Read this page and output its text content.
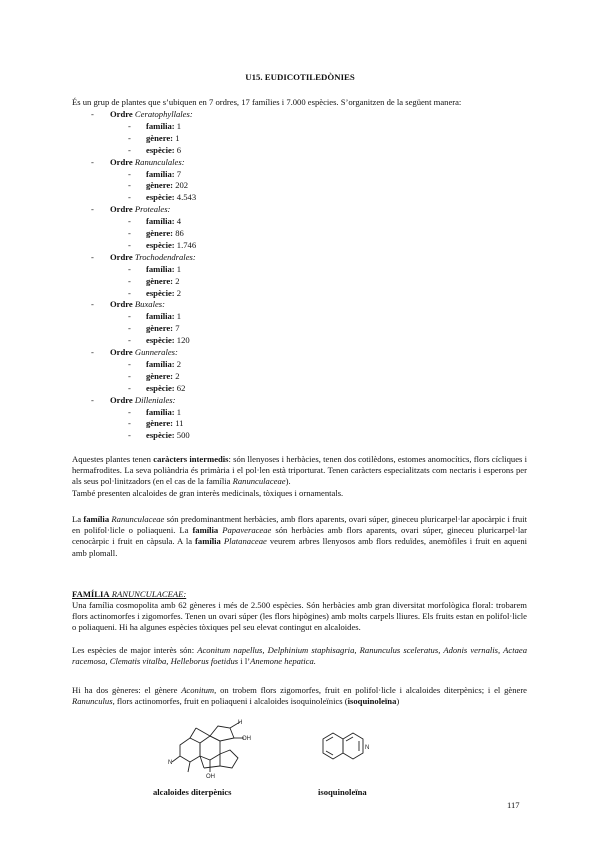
U15. EUDICOTILEDÒNIES
És un grup de plantes que s’ubiquen en 7 ordres, 17 famílies i 7.000 espècies. S’organitzen de la següent manera:
- Ordre Ceratophyllales:
- família: 1
- gènere: 1
- espècie: 6
- Ordre Ranunculales:
- família: 7
- gènere: 202
- espècie: 4.543
- Ordre Proteales:
- família: 4
- gènere: 86
- espècie: 1.746
- Ordre Trochodendrales:
- família: 1
- gènere: 2
- espècie: 2
- Ordre Buxales:
- família: 1
- gènere: 7
- espècie: 120
- Ordre Gunnerales:
- família: 2
- gènere: 2
- espècie: 62
- Ordre Dilleniales:
- família: 1
- gènere: 11
- espècie: 500
Aquestes plantes tenen caràcters intermedis: són llenyoses i herbàcies, tenen dos cotilèdons, estomes anomocítics, flors cícliques i hermafrodites. La seva poliàndria és primària i el pol·len està triporturat. Tenen caràcters especialitzats com nectaris i esperons per als seus pol·linitzadors (en el cas de la família Ranunculaceae).
També presenten alcaloides de gran interès medicinals, tòxiques i ornamentals.
La família Ranunculaceae són predominantment herbàcies, amb flors aparents, ovari súper, gineceu pluricarpel·lar apocàrpic i fruit en polifol·licle o poliaqueni. La família Papaveraceae són herbàcies amb flors aparents, ovari súper, gineceu pluricarpel·lar cenocàrpic i fruit en càpsula. A la família Platanaceae veurem arbres llenyosos amb flors reduïdes, anemòfiles i fruit en aqueni amb plomall.
FAMÍLIA RANUNCULACEAE:
Una família cosmopolita amb 62 gèneres i més de 2.500 espècies. Són herbàcies amb gran diversitat morfològica floral: trobarem flors actinomorfes i zigomorfes. Tenen un ovari súper (les flors hipògines) amb molts carpels lliures. Els fruits estan en polifol·licle o poliaqueni. Hi ha algunes espècies tòxiques pel seu elevat contingut en alcaloides.
Les espècies de major interès són: Aconitum napellus, Delphinium staphisagria, Ranunculus sceleratus, Adonis vernalis, Actaea racemosa, Clematis vitalba, Helleborus foetidus i l’Anemone hepatica.
Hi ha dos gèneres: el gènere Aconitum, on trobem flors zigomorfes, fruit en polifol·licle i alcaloides diterpènics; i el gènere Ranunculus, flors actinomorfes, fruit en poliaqueni i alcaloides isoquinoleïnics (isoquinoleïna)
OH
N
OH
H
N
alcaloides diterpènics	isoquinoleïna
117
